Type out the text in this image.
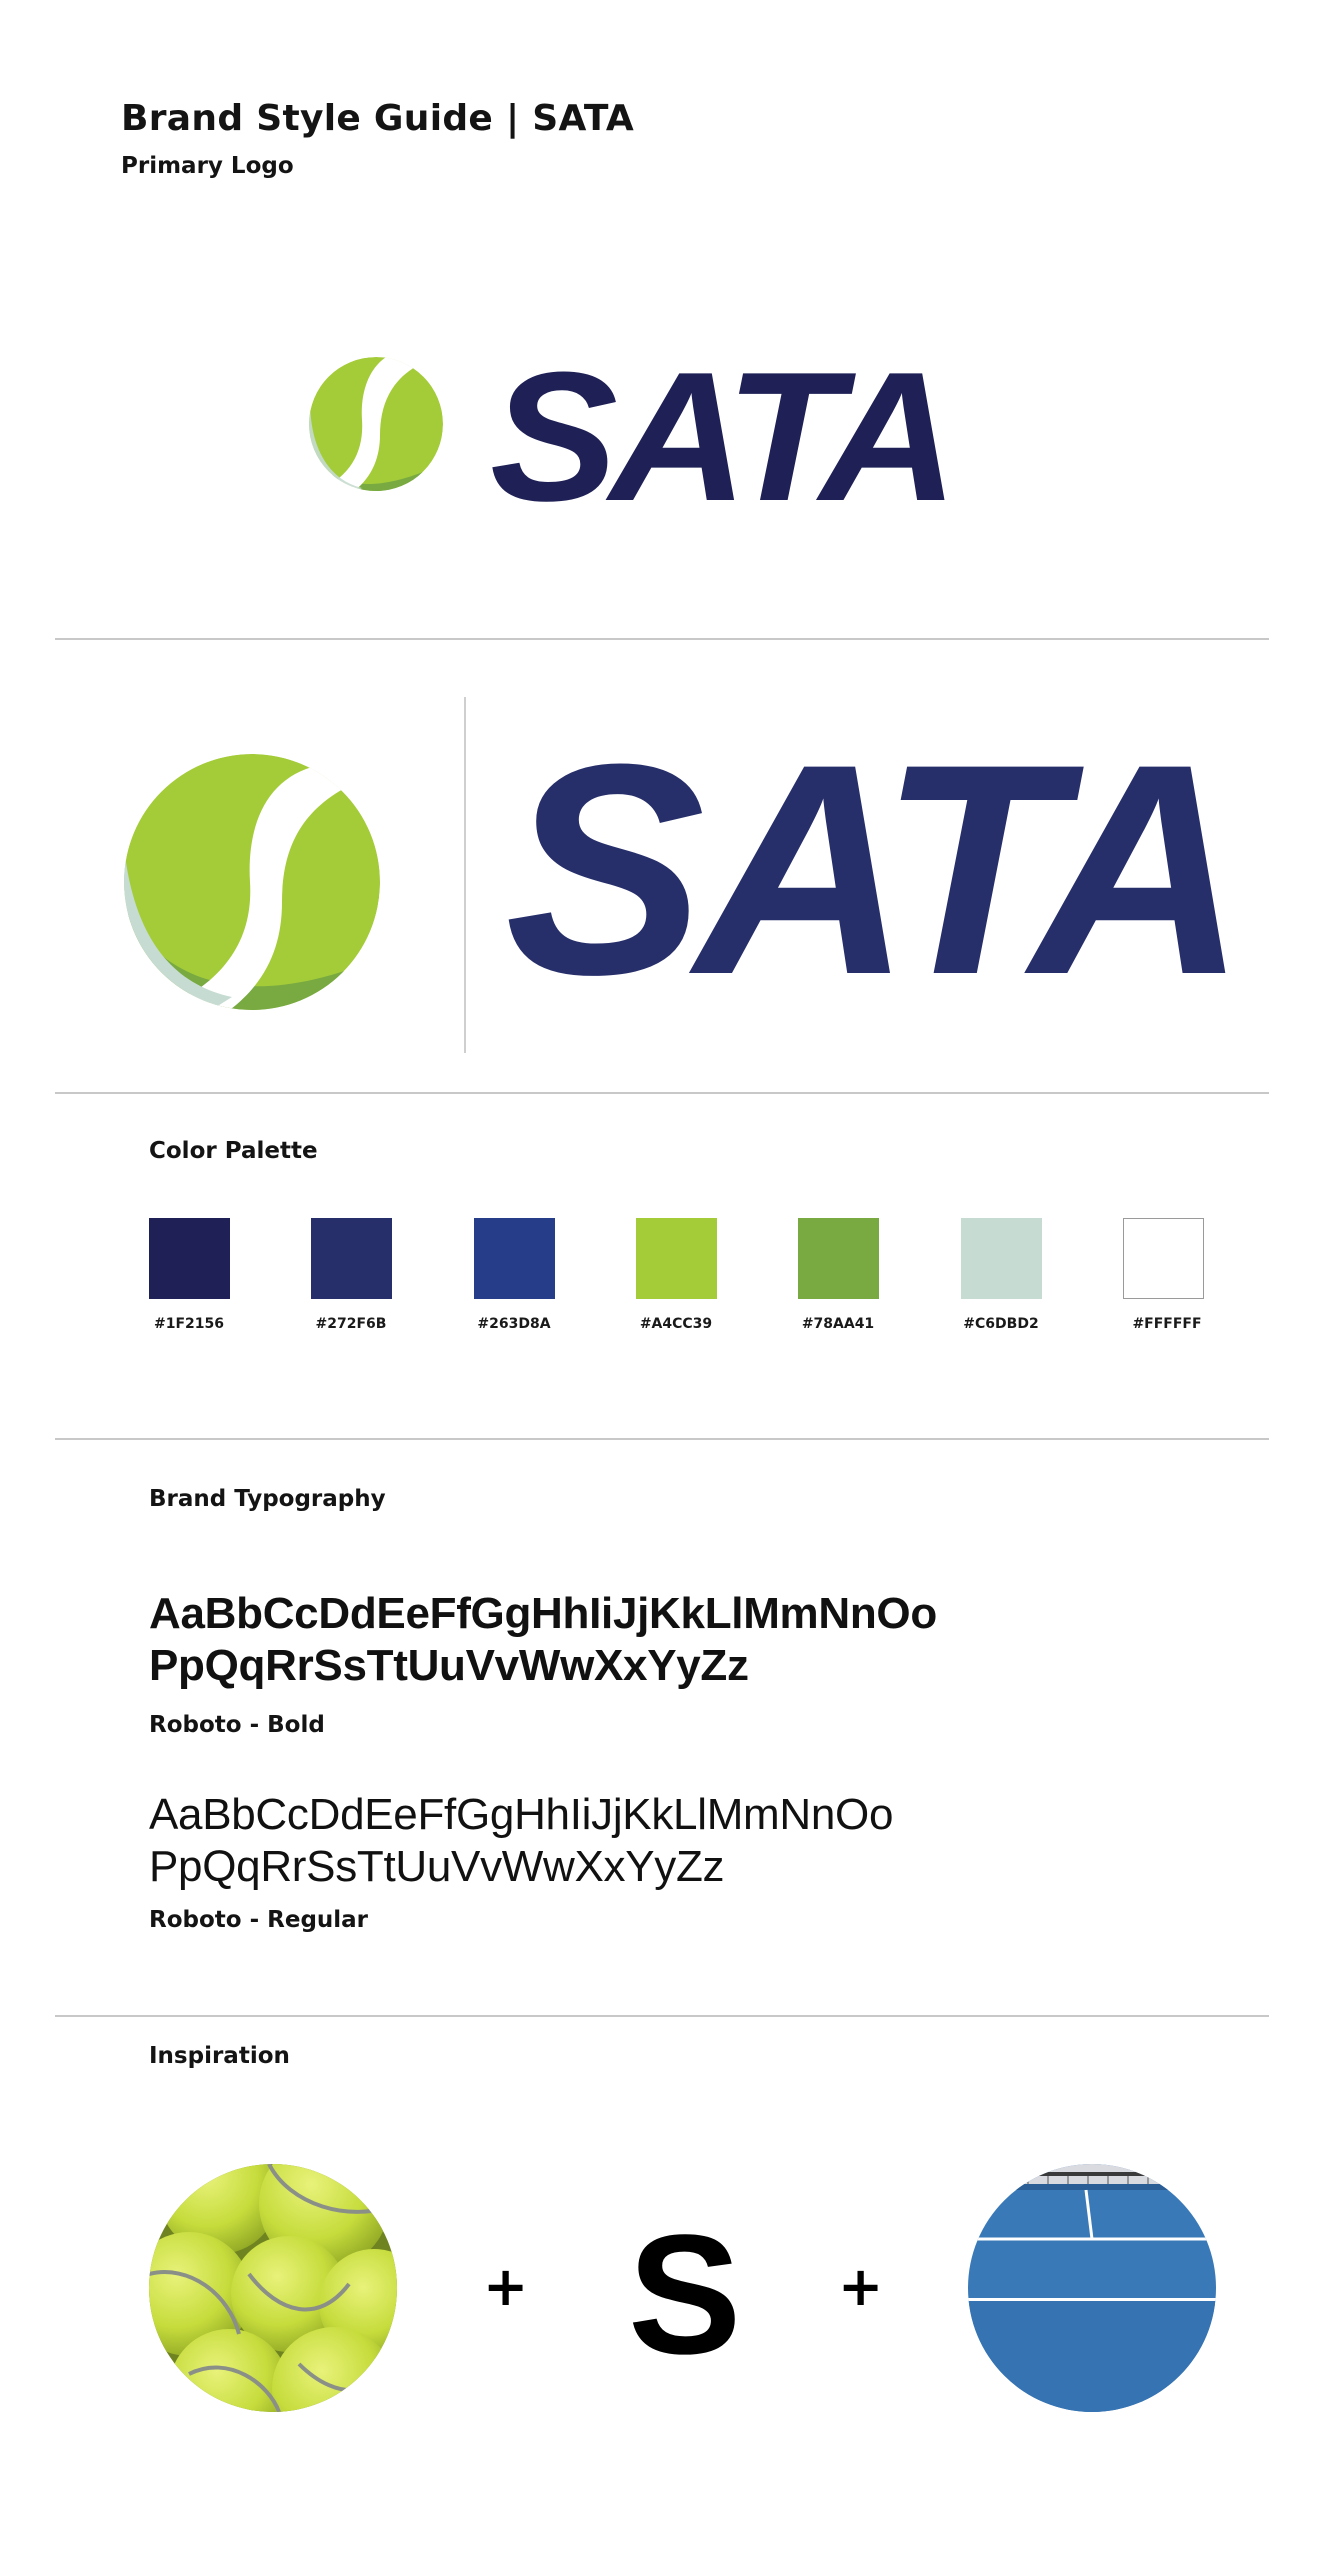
Brand Style Guide | SATA
Primary Logo
SATA
SATA
Color Palette
#1F2156	#272F6B	#263D8A	#A4CC39	#78AA41	#C6DBD2	#FFFFFF
Brand Typography
AaBbCcDdEeFfGgHhIiJjKkLlMmNnOo
PpQqRrSsTtUuVvWwXxYyZz
Roboto - Bold
AaBbCcDdEeFfGgHhIiJjKkLlMmNnOo
PpQqRrSsTtUuVvWwXxYyZz
Roboto - Regular
Inspiration
+ S +
